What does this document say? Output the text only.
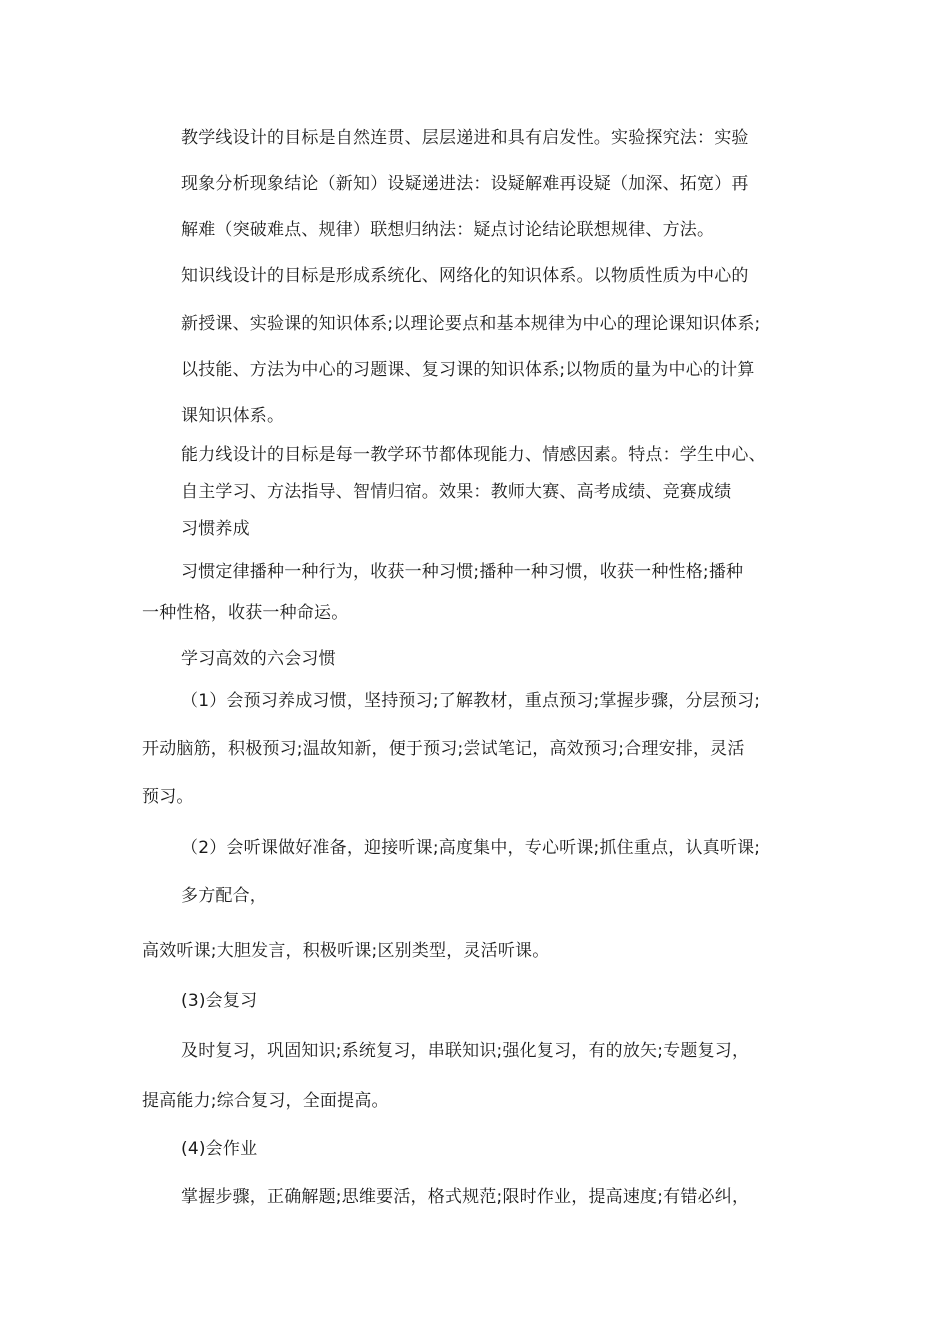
教学线设计的目标是自然连贯、层层递进和具有启发性。实验探究法：实验
现象分析现象结论（新知）设疑递进法：设疑解难再设疑（加深、拓宽）再
解难（突破难点、规律）联想归纳法：疑点讨论结论联想规律、方法。
知识线设计的目标是形成系统化、网络化的知识体系。以物质性质为中心的
新授课、实验课的知识体系;以理论要点和基本规律为中心的理论课知识体系;
以技能、方法为中心的习题课、复习课的知识体系;以物质的量为中心的计算
课知识体系。
能力线设计的目标是每一教学环节都体现能力、情感因素。特点：学生中心、
自主学习、方法指导、智情归宿。效果：教师大赛、高考成绩、竞赛成绩
习惯养成
习惯定律播种一种行为，收获一种习惯;播种一种习惯，收获一种性格;播种
一种性格，收获一种命运。
学习高效的六会习惯
（1）会预习养成习惯，坚持预习;了解教材，重点预习;掌握步骤，分层预习;
开动脑筋，积极预习;温故知新，便于预习;尝试笔记，高效预习;合理安排，灵活
预习。
（2）会听课做好准备，迎接听课;高度集中，专心听课;抓住重点，认真听课;
多方配合，
高效听课;大胆发言，积极听课;区别类型，灵活听课。
(3)会复习
及时复习，巩固知识;系统复习，串联知识;强化复习，有的放矢;专题复习，
提高能力;综合复习，全面提高。
(4)会作业
掌握步骤，正确解题;思维要活，格式规范;限时作业，提高速度;有错必纠，
